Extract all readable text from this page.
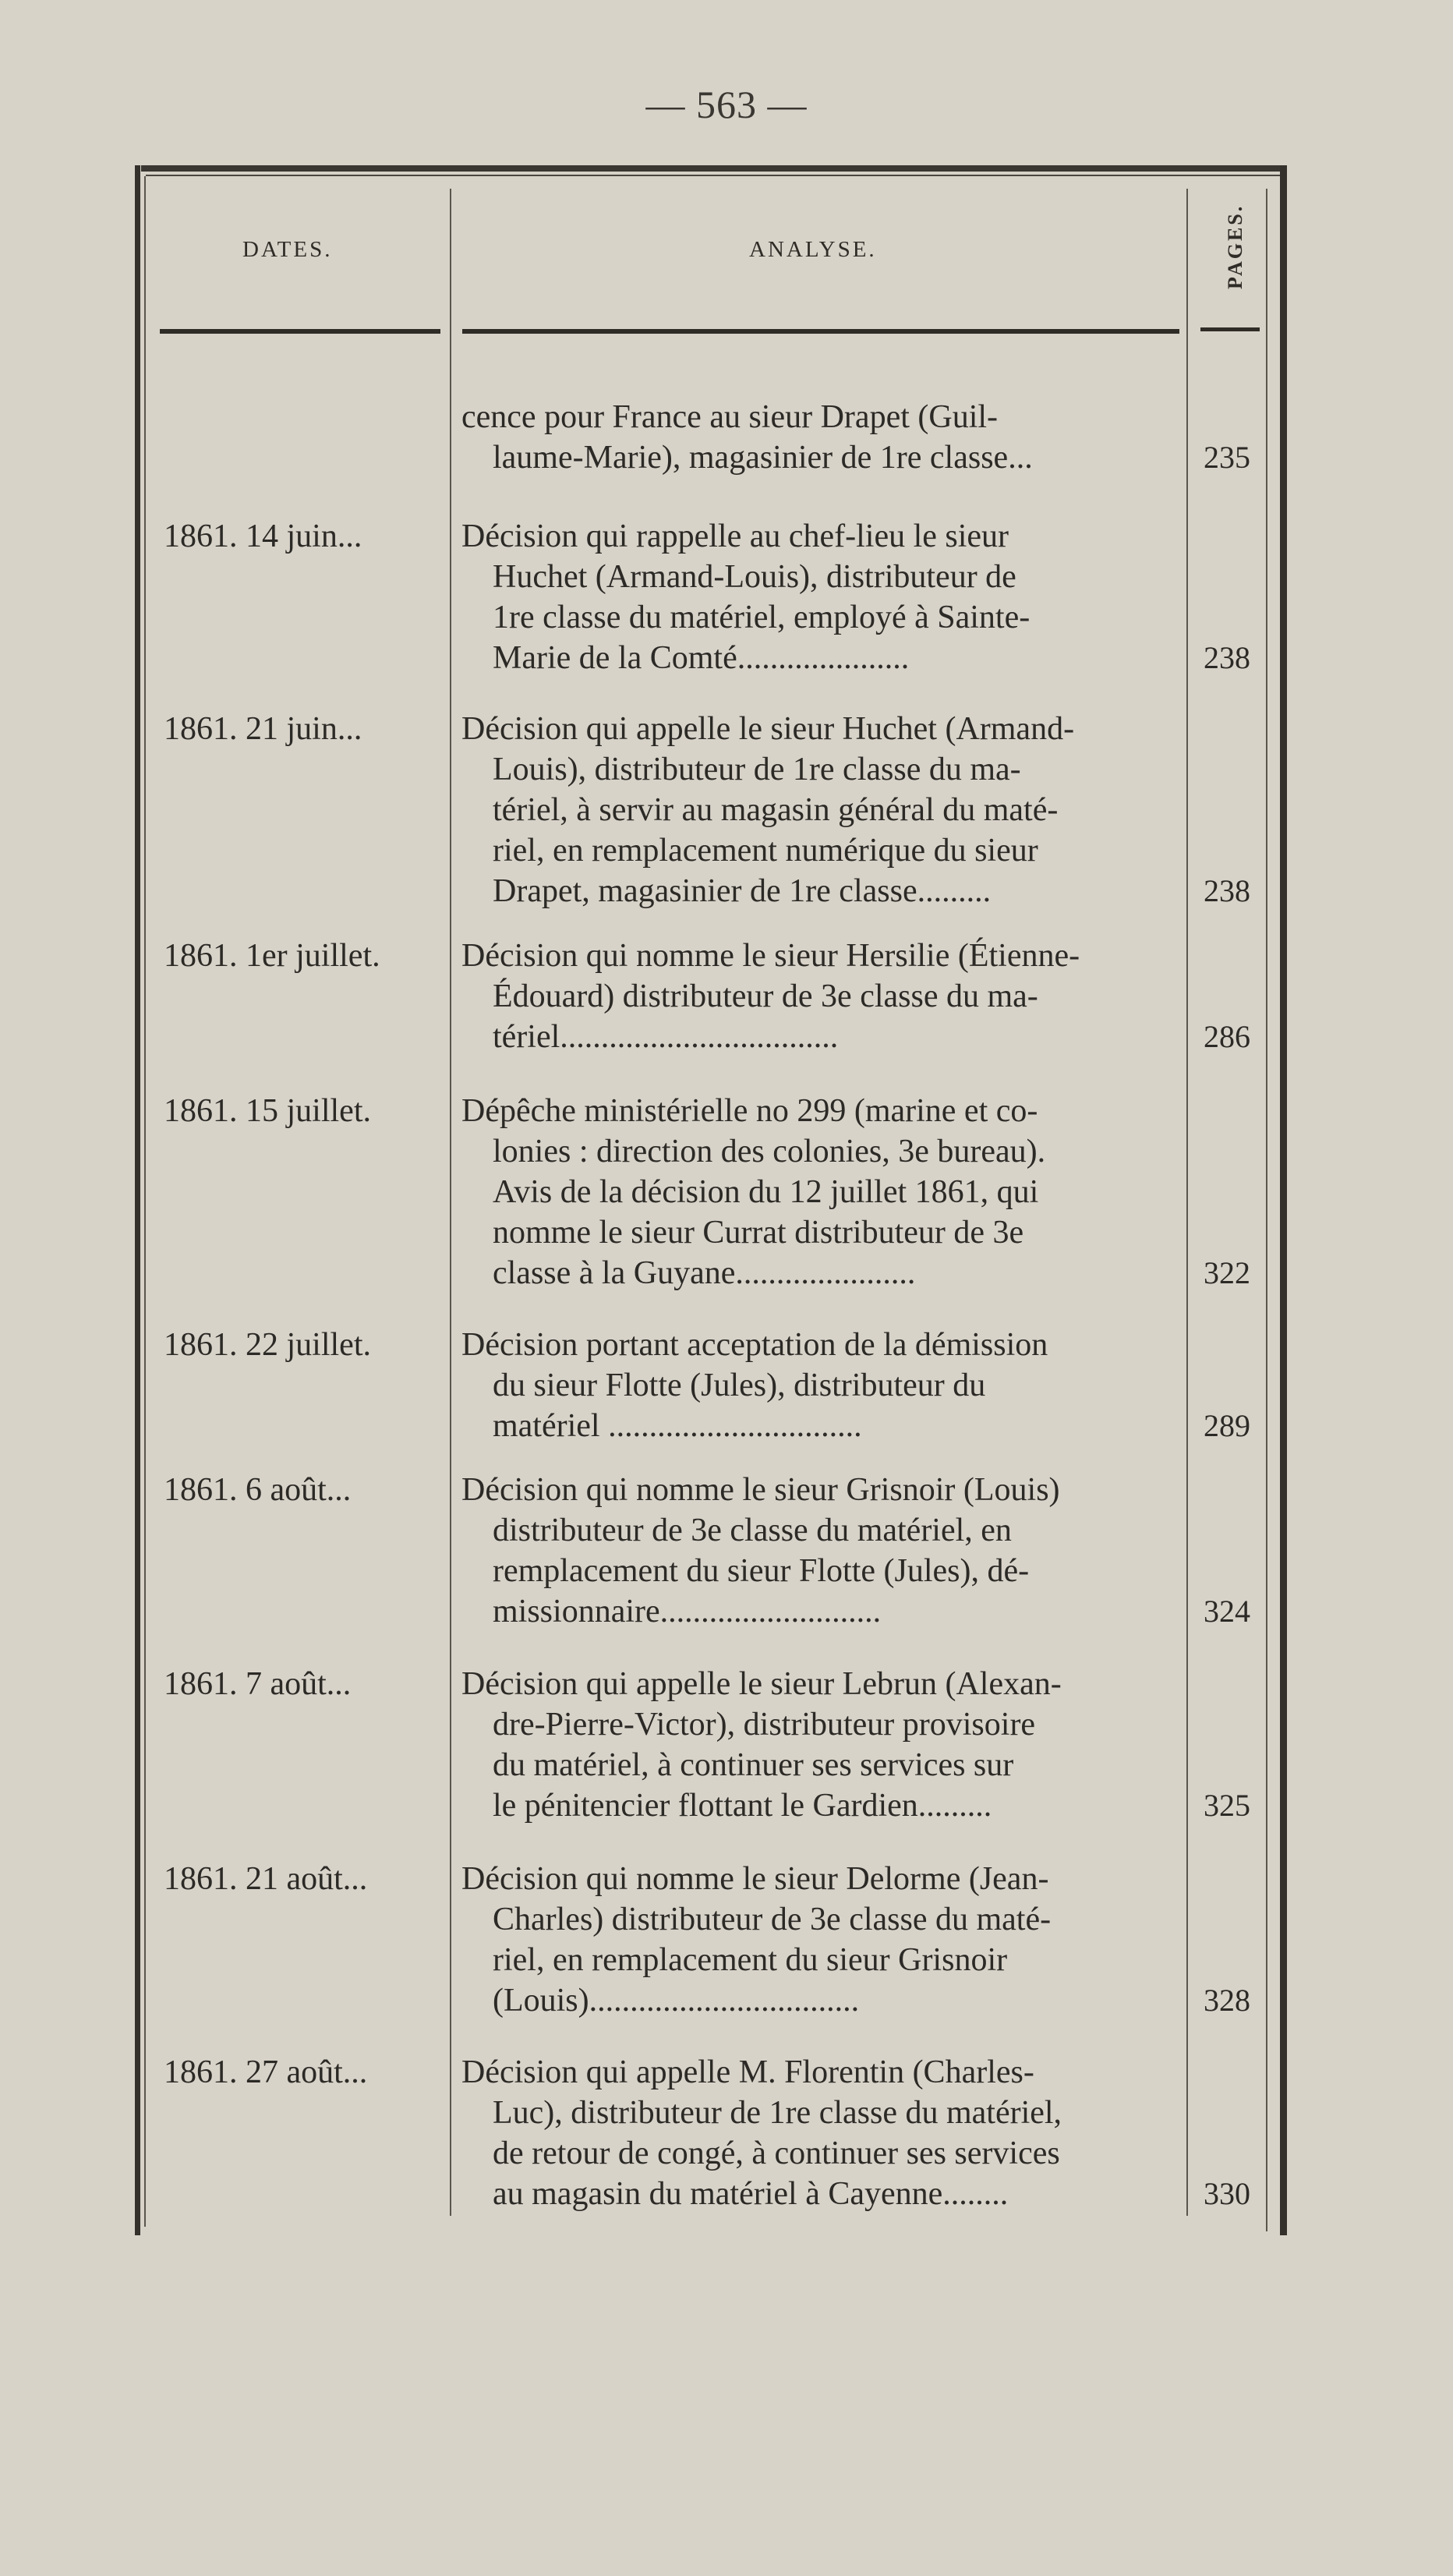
— 563 —
DATES.	ANALYSE.	PAGES.
cence pour France au sieur Drapet (Guil-
laume-Marie), magasinier de 1re classe...	235
1861. 14 juin...	Décision qui rappelle au chef-lieu le sieur
Huchet (Armand-Louis), distributeur de
1re classe du matériel, employé à Sainte-
Marie de la Comté.....................	238
1861. 21 juin...	Décision qui appelle le sieur Huchet (Armand-
Louis), distributeur de 1re classe du ma-
tériel, à servir au magasin général du maté-
riel, en remplacement numérique du sieur
Drapet, magasinier de 1re classe.........	238
1861. 1er juillet.	Décision qui nomme le sieur Hersilie (Étienne-
Édouard) distributeur de 3e classe du ma-
tériel..................................	286
1861. 15 juillet.	Dépêche ministérielle no 299 (marine et co-
lonies : direction des colonies, 3e bureau).
Avis de la décision du 12 juillet 1861, qui
nomme le sieur Currat distributeur de 3e
classe à la Guyane......................	322
1861. 22 juillet.	Décision portant acceptation de la démission
du sieur Flotte (Jules), distributeur du
matériel ...............................	289
1861. 6 août...	Décision qui nomme le sieur Grisnoir (Louis)
distributeur de 3e classe du matériel, en
remplacement du sieur Flotte (Jules), dé-
missionnaire...........................	324
1861. 7 août...	Décision qui appelle le sieur Lebrun (Alexan-
dre-Pierre-Victor), distributeur provisoire
du matériel, à continuer ses services sur
le pénitencier flottant le Gardien.........	325
1861. 21 août...	Décision qui nomme le sieur Delorme (Jean-
Charles) distributeur de 3e classe du maté-
riel, en remplacement du sieur Grisnoir
(Louis).................................	328
1861. 27 août...	Décision qui appelle M. Florentin (Charles-
Luc), distributeur de 1re classe du matériel,
de retour de congé, à continuer ses services
au magasin du matériel à Cayenne........	330
